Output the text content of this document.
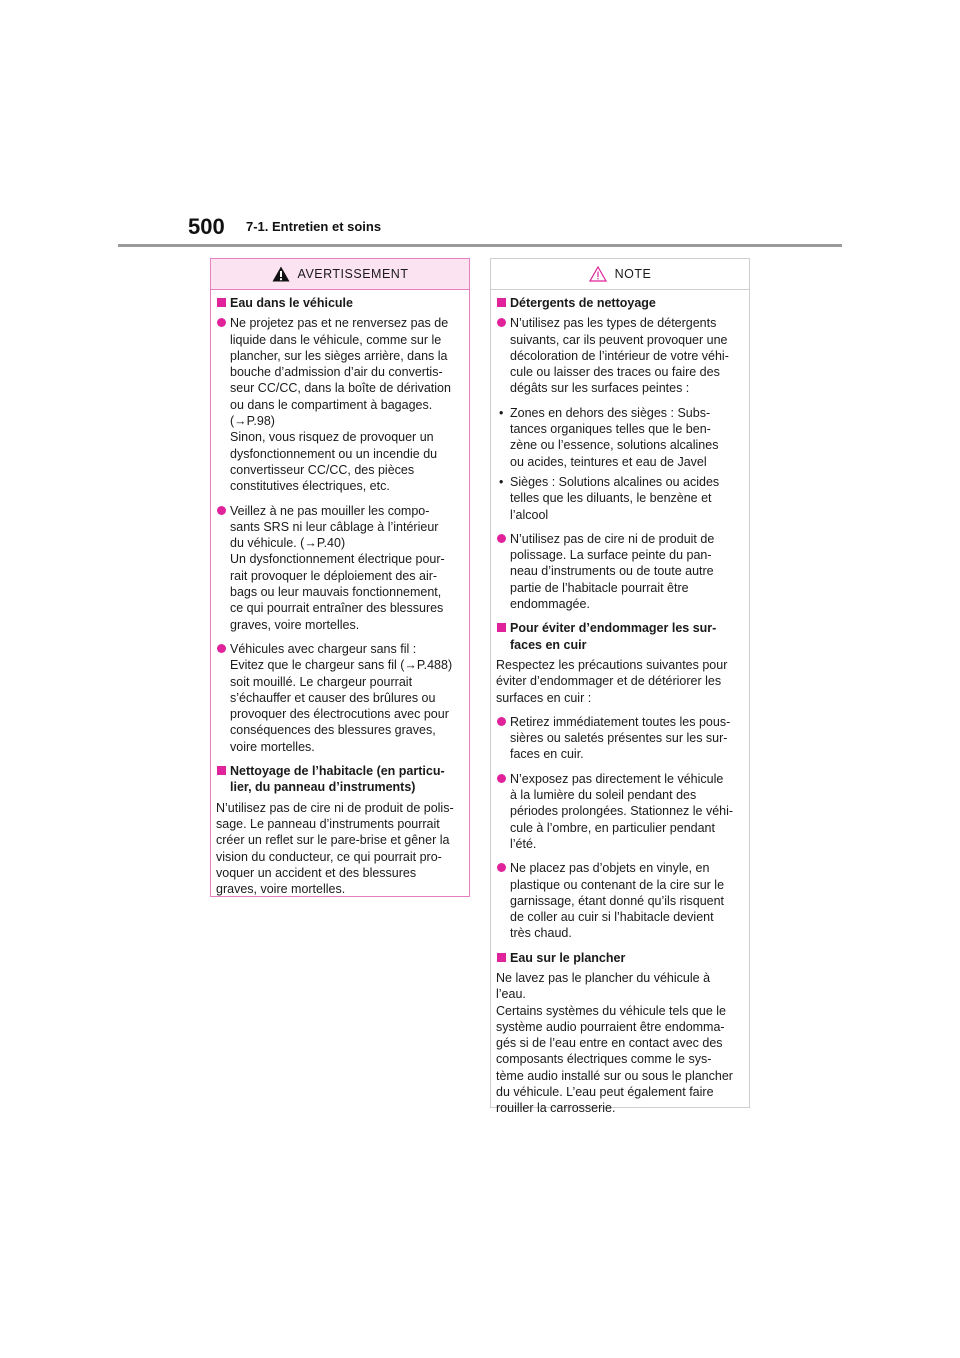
500 7-1. Entretien et soins
AVERTISSEMENT
Eau dans le véhicule
Ne projetez pas et ne renversez pas de
liquide dans le véhicule, comme sur le
plancher, sur les sièges arrière, dans la
bouche d’admission d’air du convertis-
seur CC/CC, dans la boîte de dérivation
ou dans le compartiment à bagages.
(→P.98)
Sinon, vous risquez de provoquer un
dysfonctionnement ou un incendie du
convertisseur CC/CC, des pièces
constitutives électriques, etc.
Veillez à ne pas mouiller les compo-
sants SRS ni leur câblage à l’intérieur
du véhicule. (→P.40)
Un dysfonctionnement électrique pour-
rait provoquer le déploiement des air-
bags ou leur mauvais fonctionnement,
ce qui pourrait entraîner des blessures
graves, voire mortelles.
Véhicules avec chargeur sans fil :
Evitez que le chargeur sans fil (→P.488)
soit mouillé. Le chargeur pourrait
s’échauffer et causer des brûlures ou
provoquer des électrocutions avec pour
conséquences des blessures graves,
voire mortelles.
Nettoyage de l’habitacle (en particu-
lier, du panneau d’instruments)
N’utilisez pas de cire ni de produit de polis-
sage. Le panneau d’instruments pourrait
créer un reflet sur le pare-brise et gêner la
vision du conducteur, ce qui pourrait pro-
voquer un accident et des blessures
graves, voire mortelles.
NOTE
Détergents de nettoyage
N’utilisez pas les types de détergents
suivants, car ils peuvent provoquer une
décoloration de l’intérieur de votre véhi-
cule ou laisser des traces ou faire des
dégâts sur les surfaces peintes :
• Zones en dehors des sièges : Subs-
tances organiques telles que le ben-
zène ou l’essence, solutions alcalines
ou acides, teintures et eau de Javel
• Sièges : Solutions alcalines ou acides
telles que les diluants, le benzène et
l’alcool
N’utilisez pas de cire ni de produit de
polissage. La surface peinte du pan-
neau d’instruments ou de toute autre
partie de l’habitacle pourrait être
endommagée.
Pour éviter d’endommager les sur-
faces en cuir
Respectez les précautions suivantes pour
éviter d’endommager et de détériorer les
surfaces en cuir :
Retirez immédiatement toutes les pous-
sières ou saletés présentes sur les sur-
faces en cuir.
N’exposez pas directement le véhicule
à la lumière du soleil pendant des
périodes prolongées. Stationnez le véhi-
cule à l’ombre, en particulier pendant
l’été.
Ne placez pas d’objets en vinyle, en
plastique ou contenant de la cire sur le
garnissage, étant donné qu’ils risquent
de coller au cuir si l’habitacle devient
très chaud.
Eau sur le plancher
Ne lavez pas le plancher du véhicule à
l’eau.
Certains systèmes du véhicule tels que le
système audio pourraient être endomma-
gés si de l’eau entre en contact avec des
composants électriques comme le sys-
tème audio installé sur ou sous le plancher
du véhicule. L’eau peut également faire
rouiller la carrosserie.
